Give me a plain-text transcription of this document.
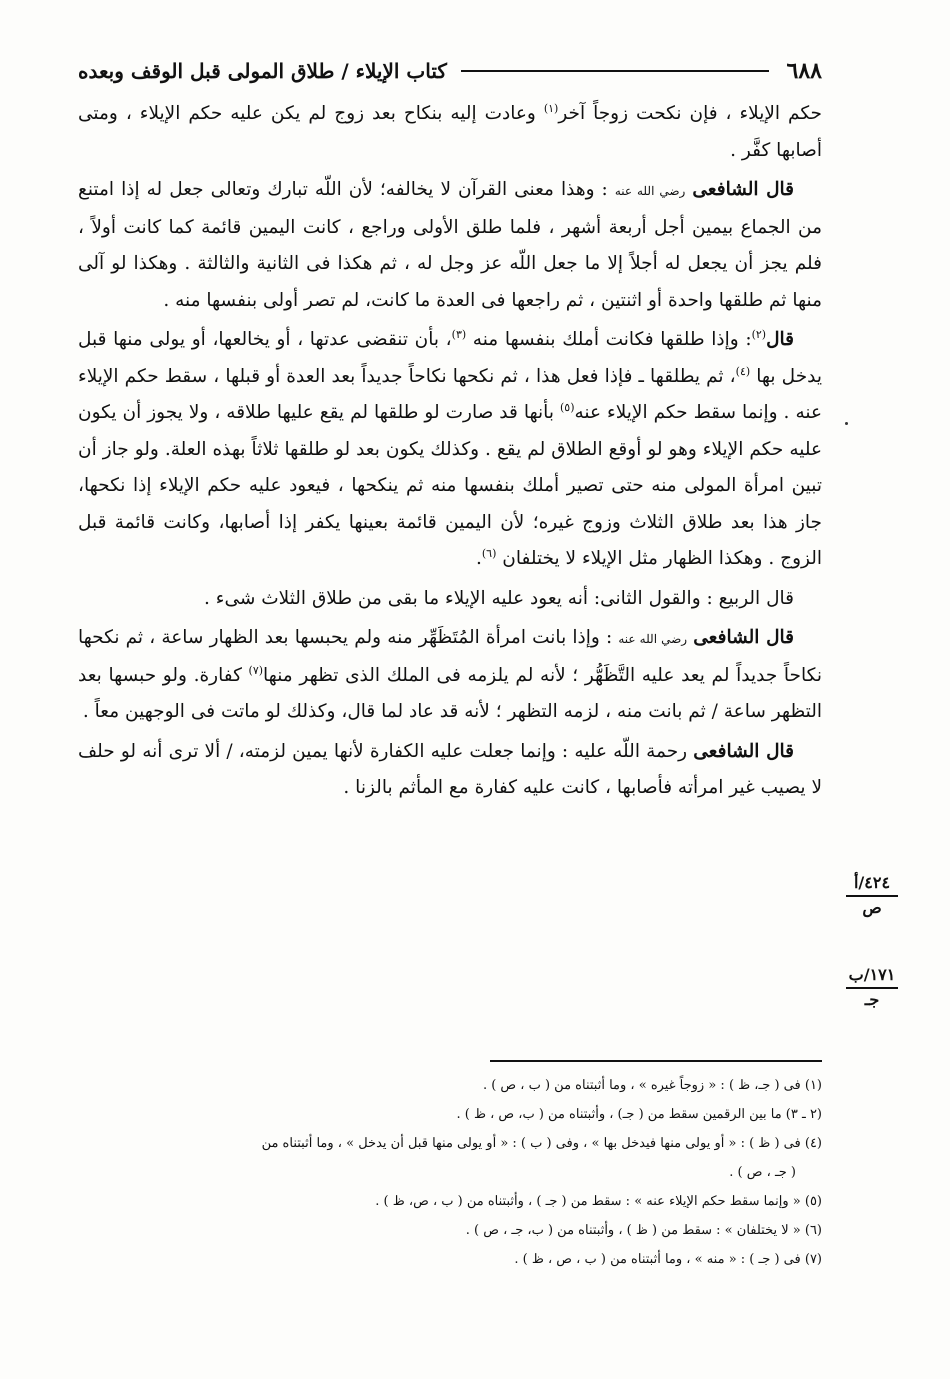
٦٨٨
كتاب الإيلاء / طلاق المولى قبل الوقف وبعده

حكم الإيلاء ، فإن نكحت زوجاً آخر$^{(١)}$ وعادت إليه بنكاح بعد زوج لم يكن عليه حكم الإيلاء ، ومتى أصابها كفَّر .

قال الشافعى رضي الله عنه : وهذا معنى القرآن لا يخالفه؛ لأن اللّه تبارك وتعالى جعل له إذا امتنع من الجماع بيمين أجل أربعة أشهر ، فلما طلق الأولى وراجع ، كانت اليمين قائمة كما كانت أولاً ، فلم يجز أن يجعل له أجلاً إلا ما جعل اللّه عز وجل له ، ثم هكذا فى الثانية والثالثة . وهكذا لو آلى منها ثم طلقها واحدة أو اثنتين ، ثم راجعها فى العدة ما كانت، لم تصر أولى بنفسها منه .

قال$^{(٢)}$: وإذا طلقها فكانت أملك بنفسها منه $^{(٣)}$، بأن تنقضى عدتها ، أو يخالعها، أو يولى منها قبل يدخل بها $^{(٤)}$، ثم يطلقها ـ فإذا فعل هذا ، ثم نكحها نكاحاً جديداً بعد العدة أو قبلها ، سقط حكم الإيلاء عنه . وإنما سقط حكم الإيلاء عنه$^{(٥)}$ بأنها قد صارت لو طلقها لم يقع عليها طلاقه ، ولا يجوز أن يكون عليه حكم الإيلاء وهو لو أوقع الطلاق لم يقع . وكذلك يكون بعد لو طلقها ثلاثاً بهذه العلة. ولو جاز أن تبين امرأة المولى منه حتى تصير أملك بنفسها منه ثم ينكحها ، فيعود عليه حكم الإيلاء إذا نكحها، جاز هذا بعد طلاق الثلاث وزوج غيره؛ لأن اليمين قائمة بعينها يكفر إذا أصابها، وكانت قائمة قبل الزوج . وهكذا الظهار مثل الإيلاء لا يختلفان $^{(٦)}$.

قال الربيع : والقول الثانى: أنه يعود عليه الإيلاء ما بقى من طلاق الثلاث شىء .

قال الشافعى رضي الله عنه : وإذا بانت امرأة المُتَظَهِّر منه ولم يحبسها بعد الظهار ساعة ، ثم نكحها نكاحاً جديداً لم يعد عليه التَّظَهُّر ؛ لأنه لم يلزمه فى الملك الذى تظهر منها$^{(٧)}$ كفارة. ولو حبسها بعد التظهر ساعة / ثم بانت منه ، لزمه التظهر ؛ لأنه قد عاد لما قال، وكذلك لو ماتت فى الوجهين معاً .

قال الشافعى رحمة اللّه عليه : وإنما جعلت عليه الكفارة لأنها يمين لزمته، / ألا ترى أنه لو حلف لا يصيب غير امرأته فأصابها ، كانت عليه كفارة مع المأثم بالزنا .

٤٢٤/أ
ص
١٧١/ب
جـ

(١) فى ( جـ، ظ ) : « زوجاً غيره » ، وما أثبتناه من ( ب ، ص ) .

(٢ ـ ٣) ما بين الرقمين سقط من ( جـ) ، وأثبتناه من ( ب، ص ، ظ ) .

(٤) فى ( ظ ) : « أو يولى منها فيدخل بها » ، وفى ( ب ) : « أو يولى منها قبل أن يدخل » ، وما أثبتناه من
( جـ ، ص ) .

(٥) « وإنما سقط حكم الإيلاء عنه » : سقط من ( جـ ) ، وأثبتناه من ( ب ، ص، ظ ) .

(٦) « لا يختلفان » : سقط من ( ظ ) ، وأثبتناه من ( ب، جـ ، ص ) .

(٧) فى ( جـ ) : « منه » ، وما أثبتناه من ( ب ، ص ، ظ ) .
